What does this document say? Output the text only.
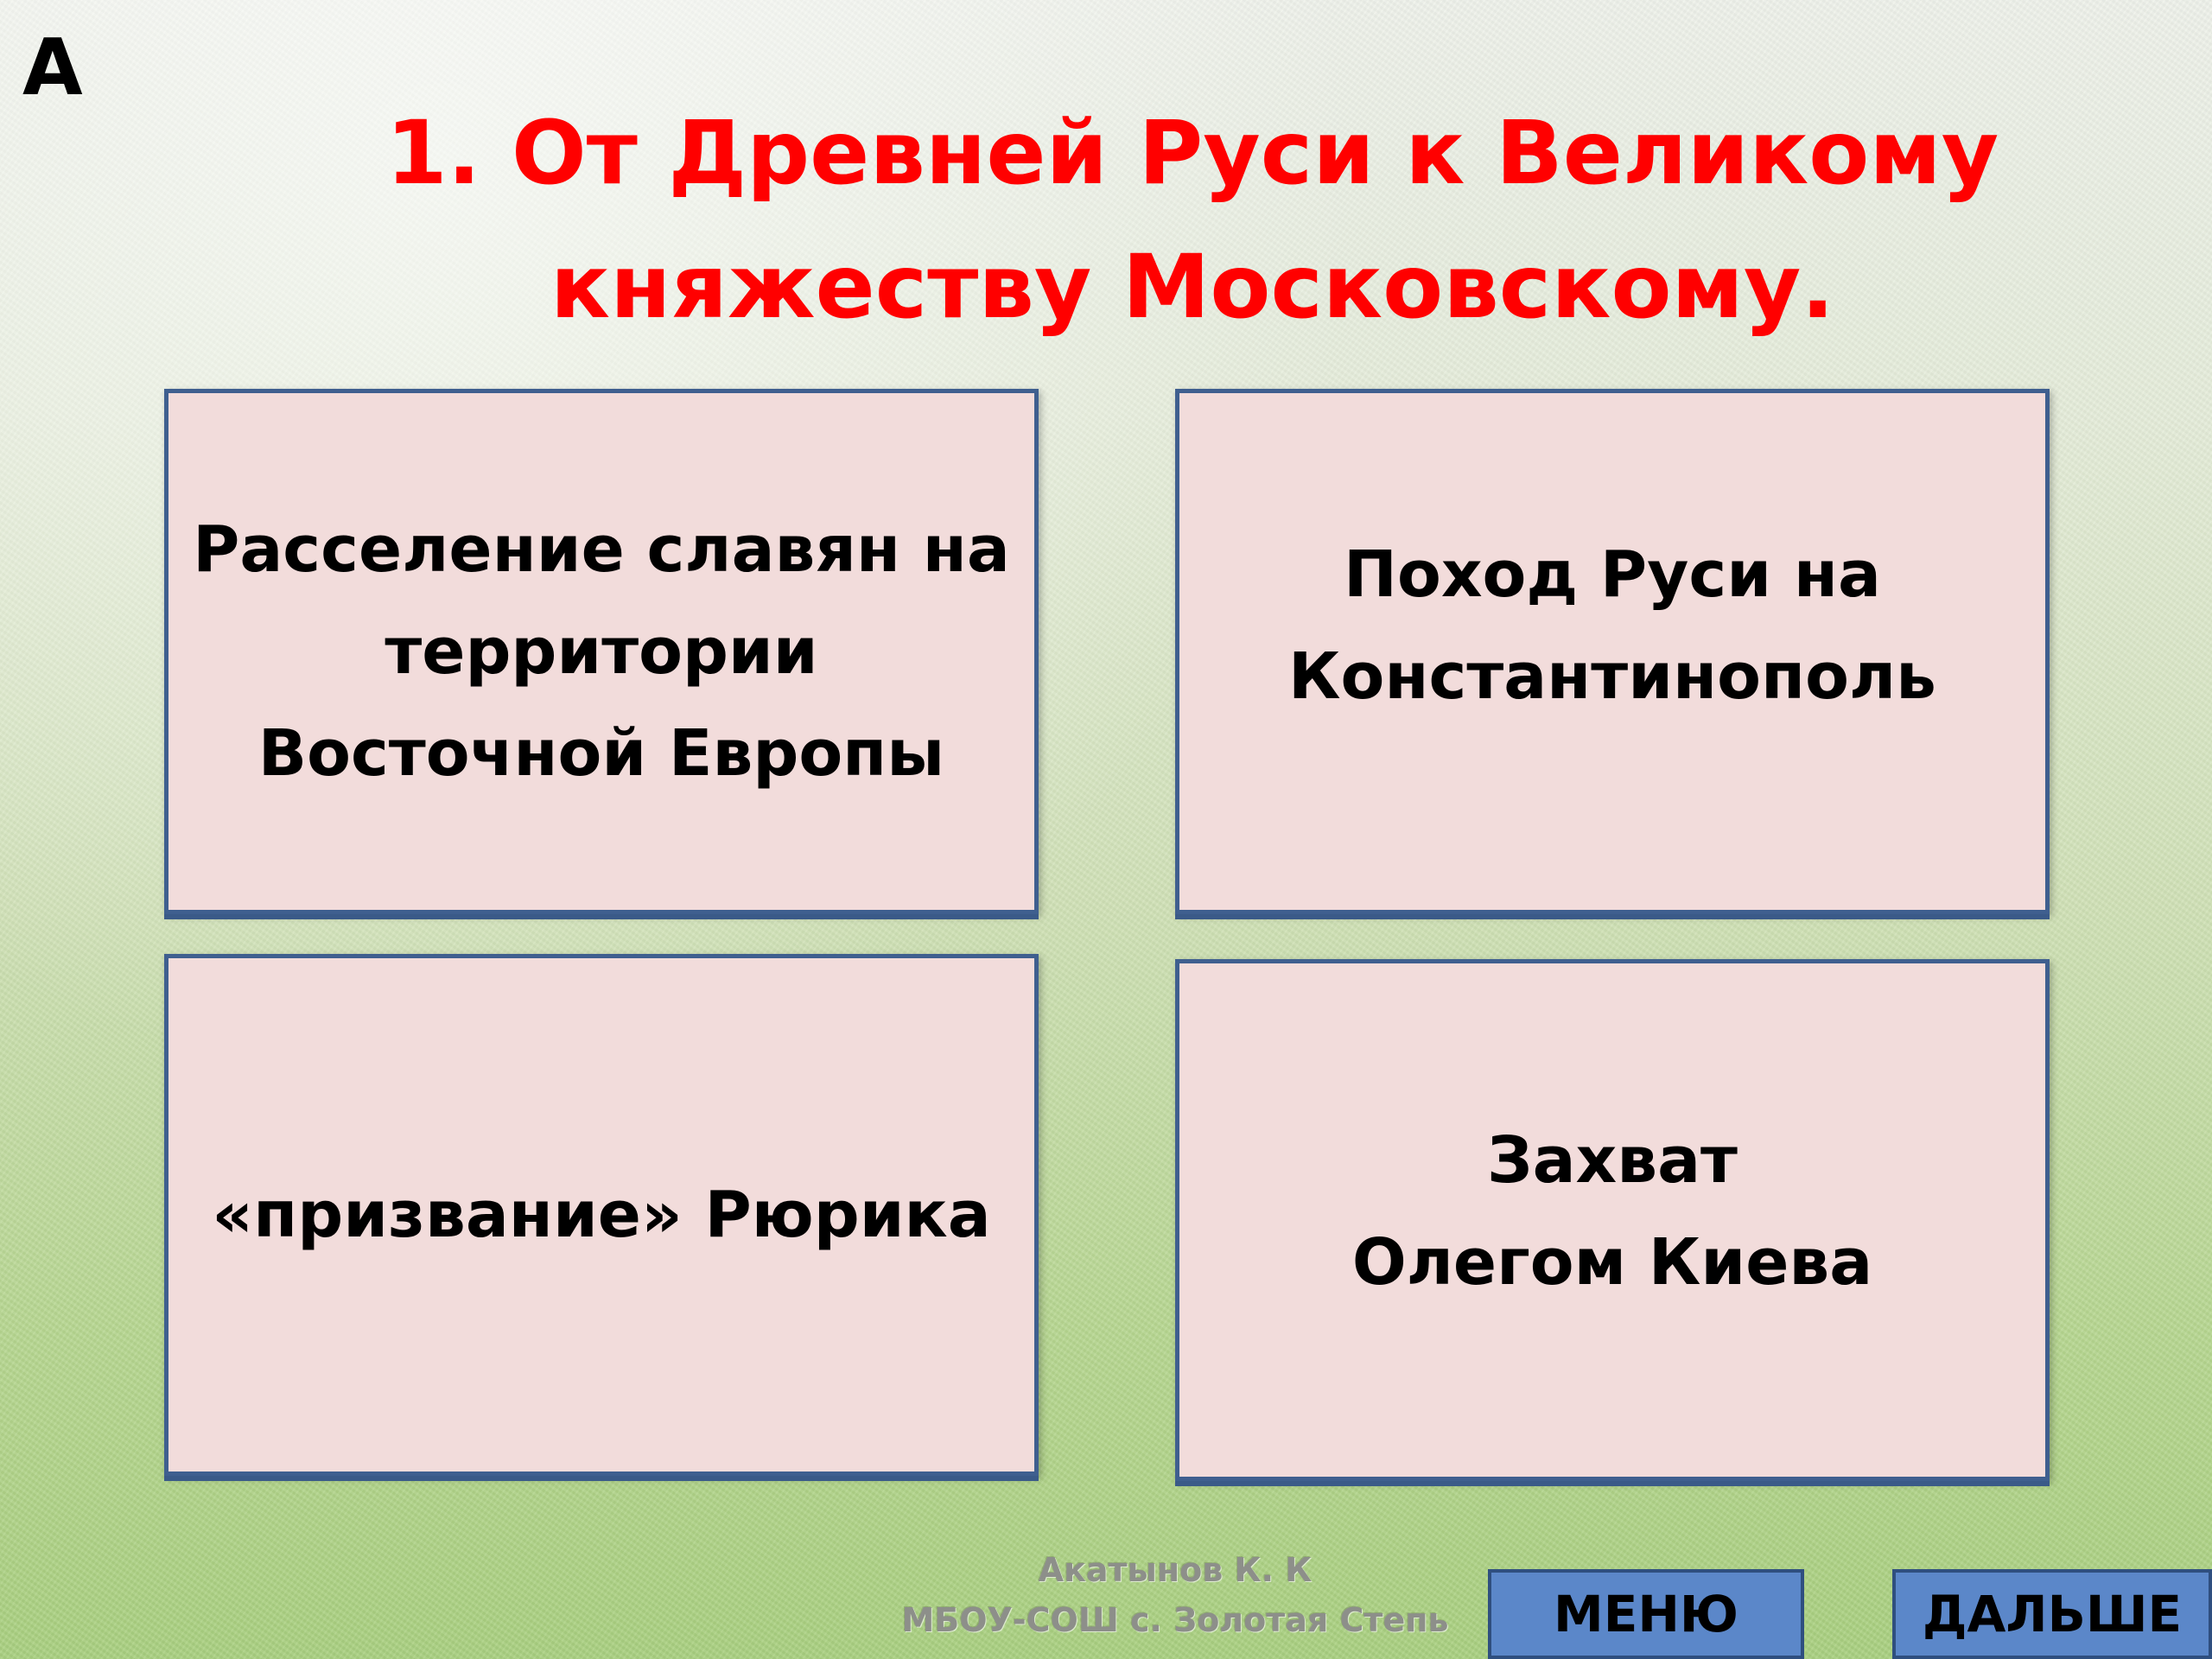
А
1. От Древней Руси к Великому
княжеству Московскому.
Расселение славян на
территории
Восточной Европы
Поход Руси на
Константинополь
«призвание» Рюрика
Захват
Олегом Киева
Акатынов К. К
МБОУ-СОШ с. Золотая Степь	МЕНЮ	ДАЛЬШЕ
